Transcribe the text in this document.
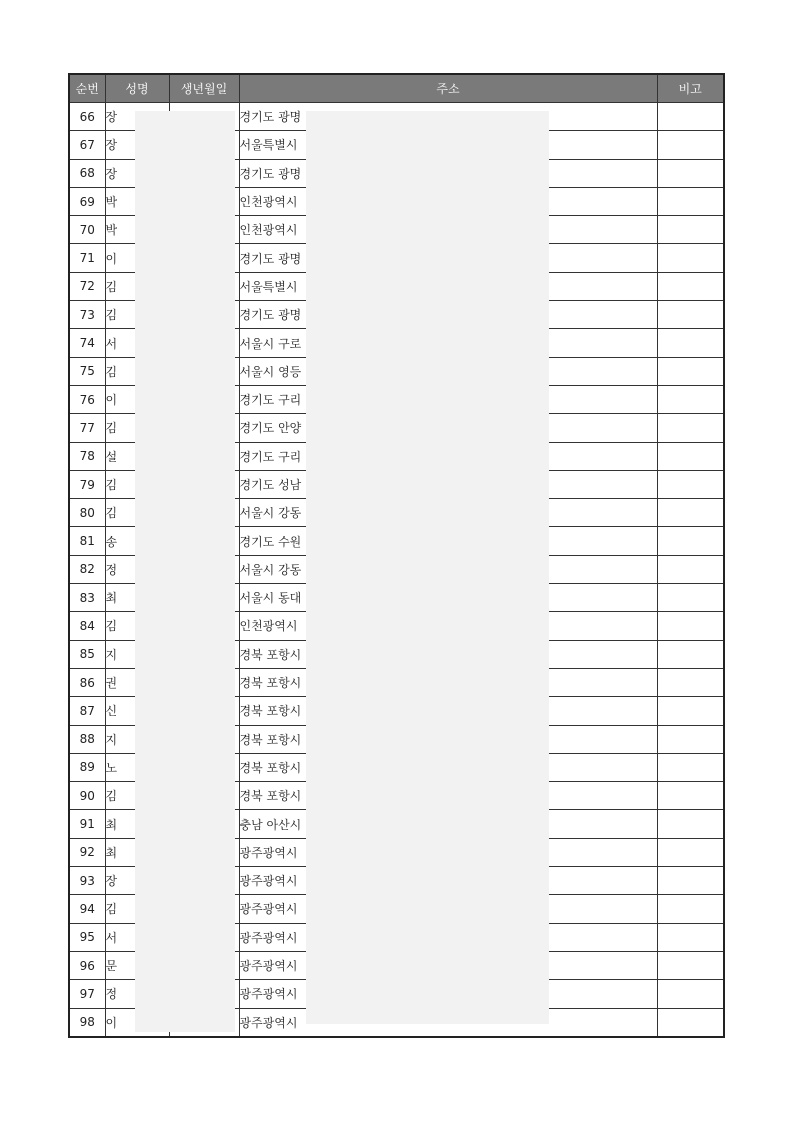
순번	성명	생년월일	주소	비고
66	장		경기도 광명	
67	장		서울특별시	
68	장		경기도 광명	
69	박		인천광역시	
70	박		인천광역시	
71	이		경기도 광명	
72	김		서울특별시	
73	김		경기도 광명	
74	서		서울시 구로	
75	김		서울시 영등	
76	이		경기도 구리	
77	김		경기도 안양	
78	설		경기도 구리	
79	김		경기도 성남	
80	김		서울시 강동	
81	송		경기도 수원	
82	정		서울시 강동	
83	최		서울시 동대	
84	김		인천광역시	
85	지		경북 포항시	
86	권		경북 포항시	
87	신		경북 포항시	
88	지		경북 포항시	
89	노		경북 포항시	
90	김		경북 포항시	
91	최		충남 아산시	
92	최		광주광역시	
93	장		광주광역시	
94	김		광주광역시	
95	서		광주광역시	
96	문		광주광역시	
97	정		광주광역시	
98	이		광주광역시	
